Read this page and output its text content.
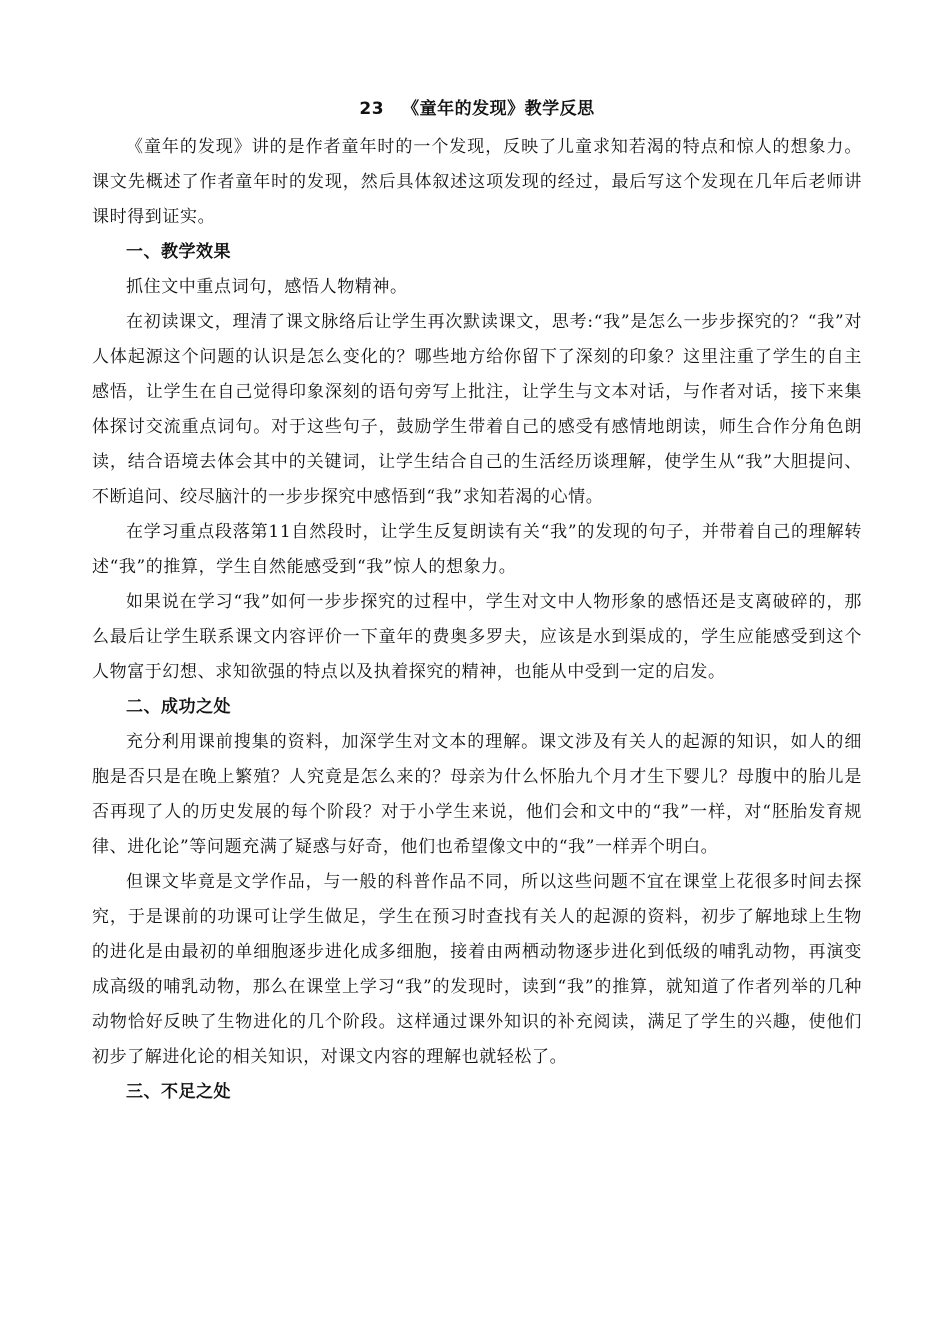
23 《童年的发现》教学反思

《童年的发现》讲的是作者童年时的一个发现，反映了儿童求知若渴的特点和惊人的想象力。课文先概述了作者童年时的发现，然后具体叙述这项发现的经过，最后写这个发现在几年后老师讲课时得到证实。

一、教学效果

抓住文中重点词句，感悟人物精神。

在初读课文，理清了课文脉络后让学生再次默读课文，思考:“我”是怎么一步步探究的？“我”对人体起源这个问题的认识是怎么变化的？哪些地方给你留下了深刻的印象？这里注重了学生的自主感悟，让学生在自己觉得印象深刻的语句旁写上批注，让学生与文本对话，与作者对话，接下来集体探讨交流重点词句。对于这些句子，鼓励学生带着自己的感受有感情地朗读，师生合作分角色朗读，结合语境去体会其中的关键词，让学生结合自己的生活经历谈理解，使学生从“我”大胆提问、不断追问、绞尽脑汁的一步步探究中感悟到“我”求知若渴的心情。

在学习重点段落第11自然段时，让学生反复朗读有关“我”的发现的句子，并带着自己的理解转述“我”的推算，学生自然能感受到“我”惊人的想象力。

如果说在学习“我”如何一步步探究的过程中，学生对文中人物形象的感悟还是支离破碎的，那么最后让学生联系课文内容评价一下童年的费奥多罗夫，应该是水到渠成的，学生应能感受到这个人物富于幻想、求知欲强的特点以及执着探究的精神，也能从中受到一定的启发。

二、成功之处

充分利用课前搜集的资料，加深学生对文本的理解。课文涉及有关人的起源的知识，如人的细胞是否只是在晚上繁殖？人究竟是怎么来的？母亲为什么怀胎九个月才生下婴儿？母腹中的胎儿是否再现了人的历史发展的每个阶段？对于小学生来说，他们会和文中的“我”一样，对“胚胎发育规律、进化论”等问题充满了疑惑与好奇，他们也希望像文中的“我”一样弄个明白。

但课文毕竟是文学作品，与一般的科普作品不同，所以这些问题不宜在课堂上花很多时间去探究，于是课前的功课可让学生做足，学生在预习时查找有关人的起源的资料，初步了解地球上生物的进化是由最初的单细胞逐步进化成多细胞，接着由两栖动物逐步进化到低级的哺乳动物，再演变成高级的哺乳动物，那么在课堂上学习“我”的发现时，读到“我”的推算，就知道了作者列举的几种动物恰好反映了生物进化的几个阶段。这样通过课外知识的补充阅读，满足了学生的兴趣，使他们初步了解进化论的相关知识，对课文内容的理解也就轻松了。

三、不足之处
